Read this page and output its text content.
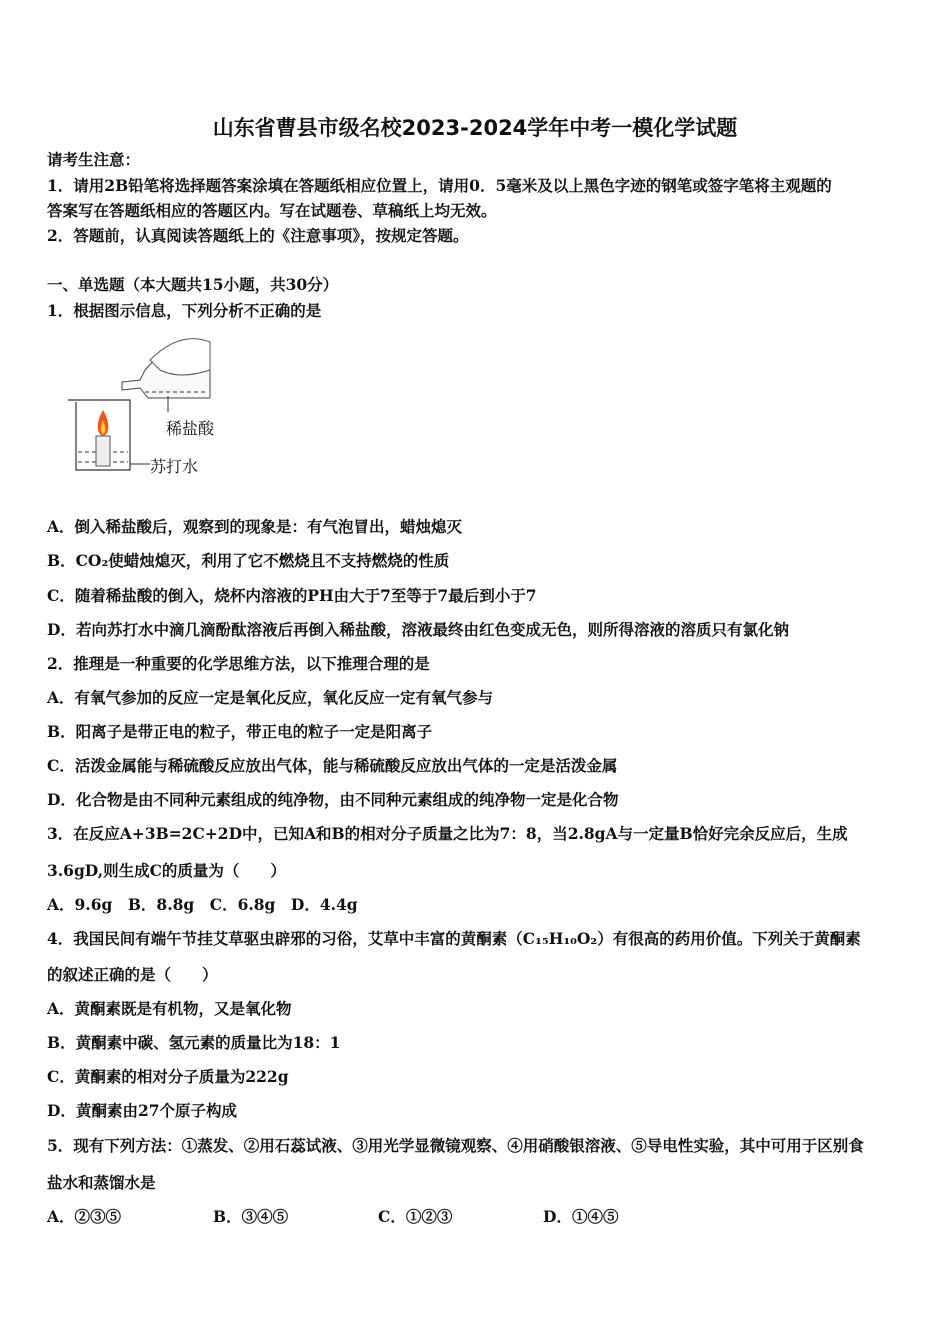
山东省曹县市级名校2023-2024学年中考一模化学试题
请考生注意：
1．请用2B铅笔将选择题答案涂填在答题纸相应位置上，请用0．5毫米及以上黑色字迹的钢笔或签字笔将主观题的
答案写在答题纸相应的答题区内。写在试题卷、草稿纸上均无效。
2．答题前，认真阅读答题纸上的《注意事项》，按规定答题。
一、单选题（本大题共15小题，共30分）
1．根据图示信息，下列分析不正确的是
稀盐酸
苏打水
A．倒入稀盐酸后，观察到的现象是：有气泡冒出，蜡烛熄灭
B．CO₂使蜡烛熄灭，利用了它不燃烧且不支持燃烧的性质
C．随着稀盐酸的倒入，烧杯内溶液的PH由大于7至等于7最后到小于7
D．若向苏打水中滴几滴酚酞溶液后再倒入稀盐酸，溶液最终由红色变成无色，则所得溶液的溶质只有氯化钠
2．推理是一种重要的化学思维方法，以下推理合理的是
A．有氧气参加的反应一定是氧化反应，氧化反应一定有氧气参与
B．阳离子是带正电的粒子，带正电的粒子一定是阳离子
C．活泼金属能与稀硫酸反应放出气体，能与稀硫酸反应放出气体的一定是活泼金属
D．化合物是由不同种元素组成的纯净物，由不同种元素组成的纯净物一定是化合物
3．在反应A+3B=2C+2D中，已知A和B的相对分子质量之比为7：8，当2.8gA与一定量B恰好完余反应后，生成
3.6gD,则生成C的质量为（　　）
A．9.6g　B．8.8g　C．6.8g　D．4.4g
4．我国民间有端午节挂艾草驱虫辟邪的习俗，艾草中丰富的黄酮素（C₁₅H₁₀O₂）有很高的药用价值。下列关于黄酮素
的叙述正确的是（　　）
A．黄酮素既是有机物，又是氧化物
B．黄酮素中碳、氢元素的质量比为18：1
C．黄酮素的相对分子质量为222g
D．黄酮素由27个原子构成
5．现有下列方法：①蒸发、②用石蕊试液、③用光学显微镜观察、④用硝酸银溶液、⑤导电性实验，其中可用于区别食
盐水和蒸馏水是
A．②③⑤	B．③④⑤	C．①②③	D．①④⑤
